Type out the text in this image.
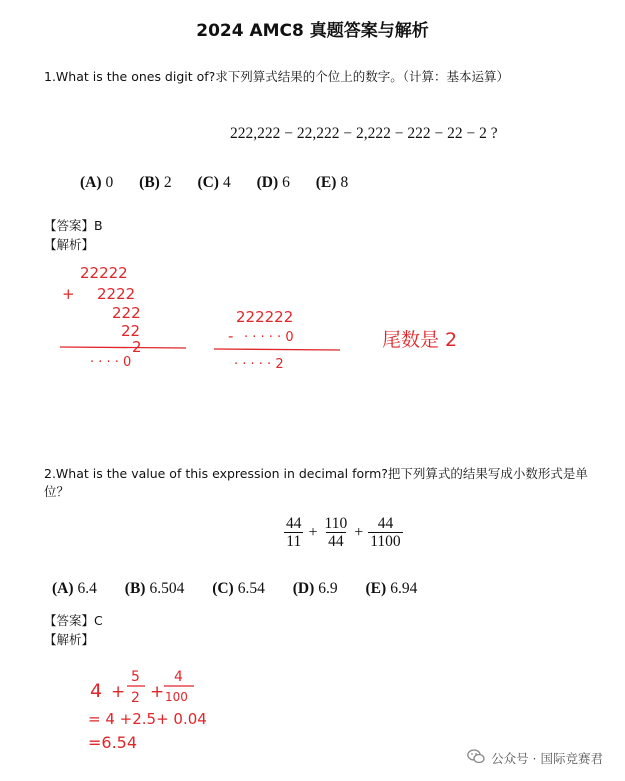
2024 AMC8 真题答案与解析
1.What is the ones digit of?求下列算式结果的个位上的数字。（计算：基本运算）
222,222 − 22,222 − 2,222 − 222 − 22 − 2 ?
(A) 0 (B) 2 (C) 4 (D) 6 (E) 8
【答案】B
【解析】
22222
+ 2222
222
22
· · · · 0
222222
- · · · · · 0
· · · · · 2
尾数是 2
2.What is the value of this expression in decimal form?把下列算式的结果写成小数形式是单
位？
$\frac{44}{11} + \frac{110}{44} + \frac{44}{1100}$
(A) 6.4 (B) 6.504 (C) 6.54 (D) 6.9 (E) 6.94
【答案】C
【解析】
4 +
5
2 +
4
100
= 4 +2.5+ 0.04
=6.54
公众号 · 国际竞赛君
